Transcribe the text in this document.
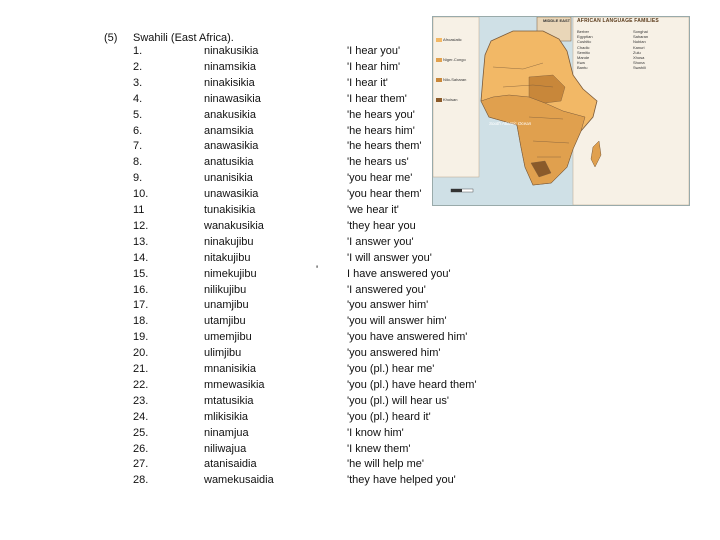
(5) Swahili (East Africa).
1.	ninakusikia	'I hear you'
2.	ninamsikia	'I hear him'
3.	ninakisikia	'I hear it'
4.	ninawasikia	'I hear them'
5.	anakusikia	'he hears you'
6.	anamsikia	'he hears him'
7.	anawasikia	'he hears them'
8.	anatusikia	'he hears us'
9.	unanisikia	'you hear me'
10.	unawasikia	'you hear them'
11	tunakisikia	'we hear it'
12.	wanakusikia	'they hear you
13.	ninakujibu	'I answer you'
14.	nitakujibu	'I will answer you'
15.	nimekujibu	I have answered you'
16.	nilikujibu	'I answered you'
17.	unamjibu	'you answer him'
18.	utamjibu	'you will answer him'
19.	umemjibu	'you have answered him'
20.	ulimjibu	'you answered him'
21.	mnanisikia	'you (pl.) hear me'
22.	mmewasikia	'you (pl.) have heard them'
23.	mtatusikia	'you (pl.) will hear us'
24.	mlikisikia	'you (pl.) heard it'
25.	ninamjua	'I know him'
26.	niliwajua	'I knew them'
27.	atanisaidia	'he will help me'
28.	wamekusaidia	'they have helped you'
'
AFRICAN LANGUAGE FAMILIES
MIDDLE EAST
Afroasiatic
Niger-Congo
Nilo-Saharan
Khoisan
Berber
Egyptian
Cushitic
Chadic
Semitic
Mande
Kwa
Bantu
Songhai
Saharan
Nubian
Kanuri
Zulu
Xhosa
Shona
Swahili
South Atlantic Ocean
